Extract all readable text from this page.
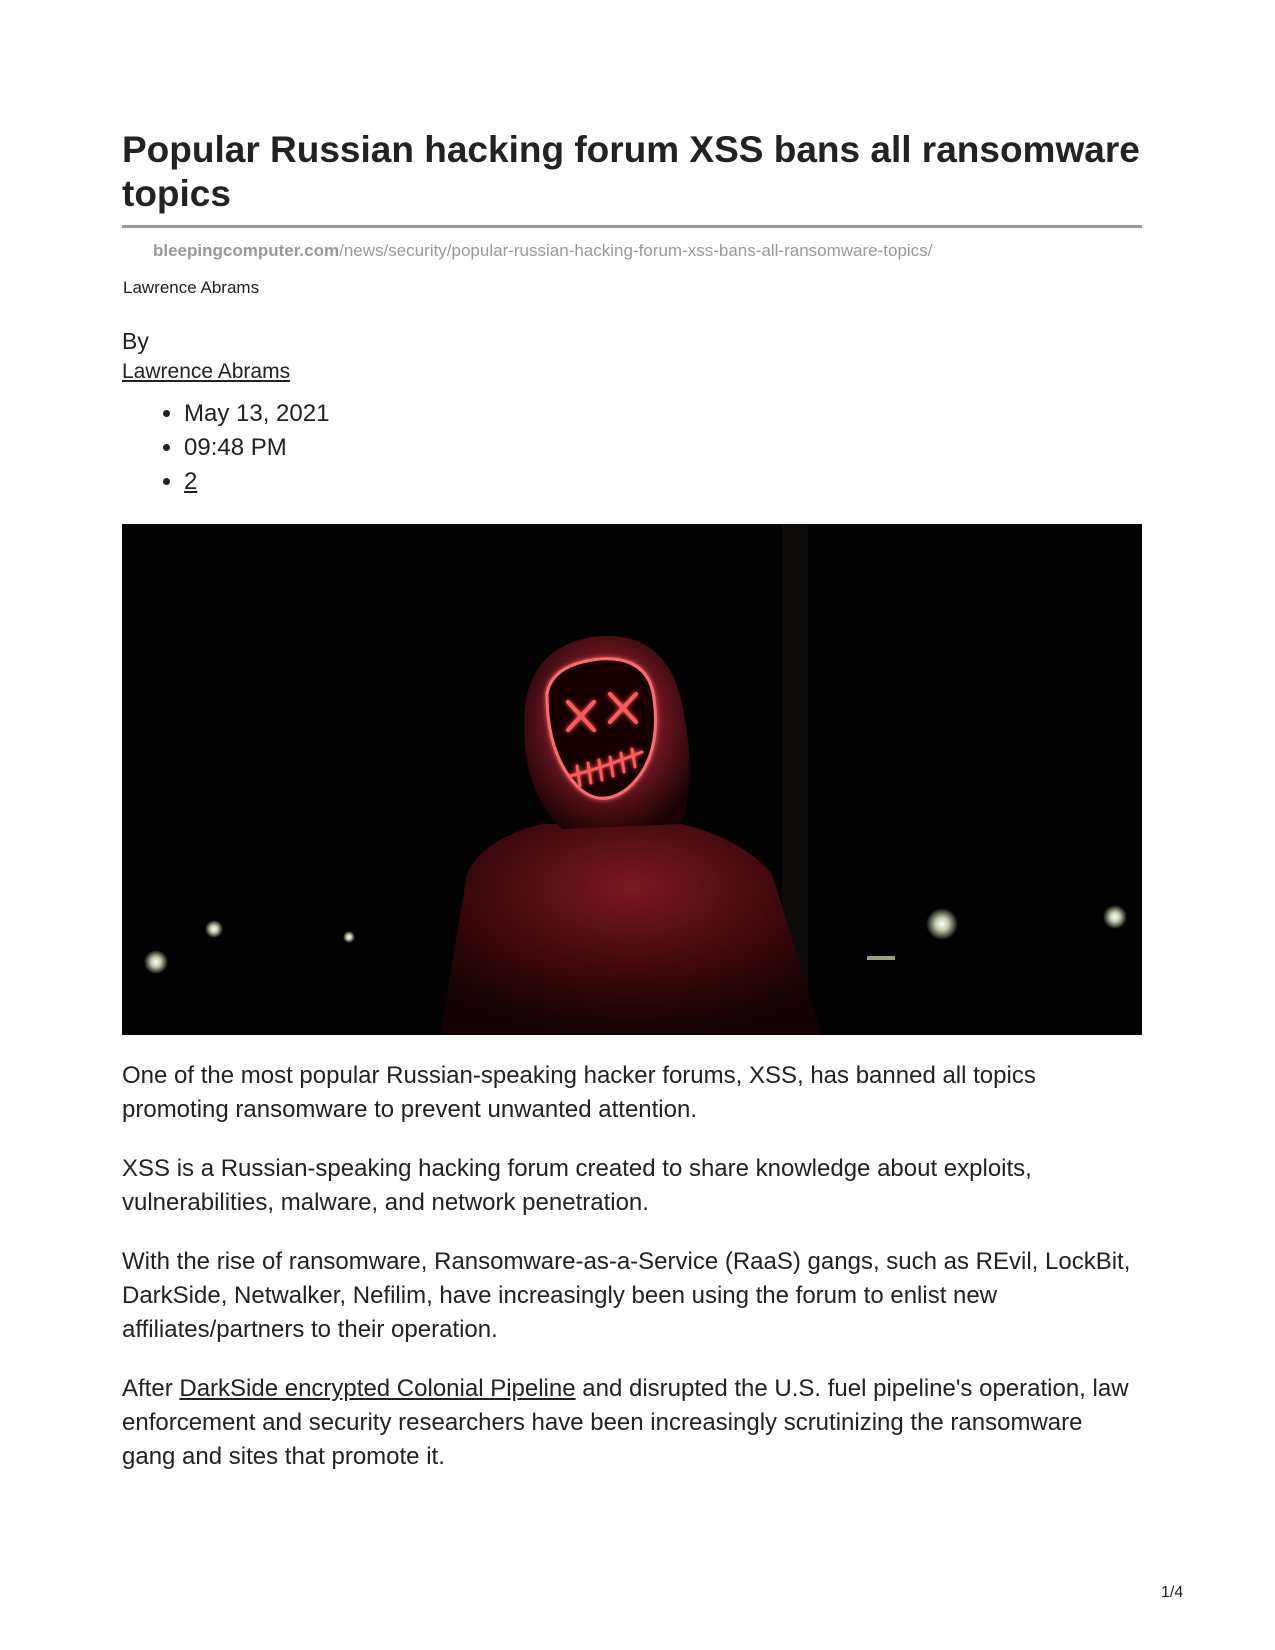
Popular Russian hacking forum XSS bans all ransomware topics
bleepingcomputer.com/news/security/popular-russian-hacking-forum-xss-bans-all-ransomware-topics/
Lawrence Abrams
By
Lawrence Abrams
• May 13, 2021
• 09:48 PM
• 2

One of the most popular Russian-speaking hacker forums, XSS, has banned all topics promoting ransomware to prevent unwanted attention.

XSS is a Russian-speaking hacking forum created to share knowledge about exploits, vulnerabilities, malware, and network penetration.

With the rise of ransomware, Ransomware-as-a-Service (RaaS) gangs, such as REvil, LockBit, DarkSide, Netwalker, Nefilim, have increasingly been using the forum to enlist new affiliates/partners to their operation.

After DarkSide encrypted Colonial Pipeline and disrupted the U.S. fuel pipeline's operation, law enforcement and security researchers have been increasingly scrutinizing the ransomware gang and sites that promote it.

1/4
